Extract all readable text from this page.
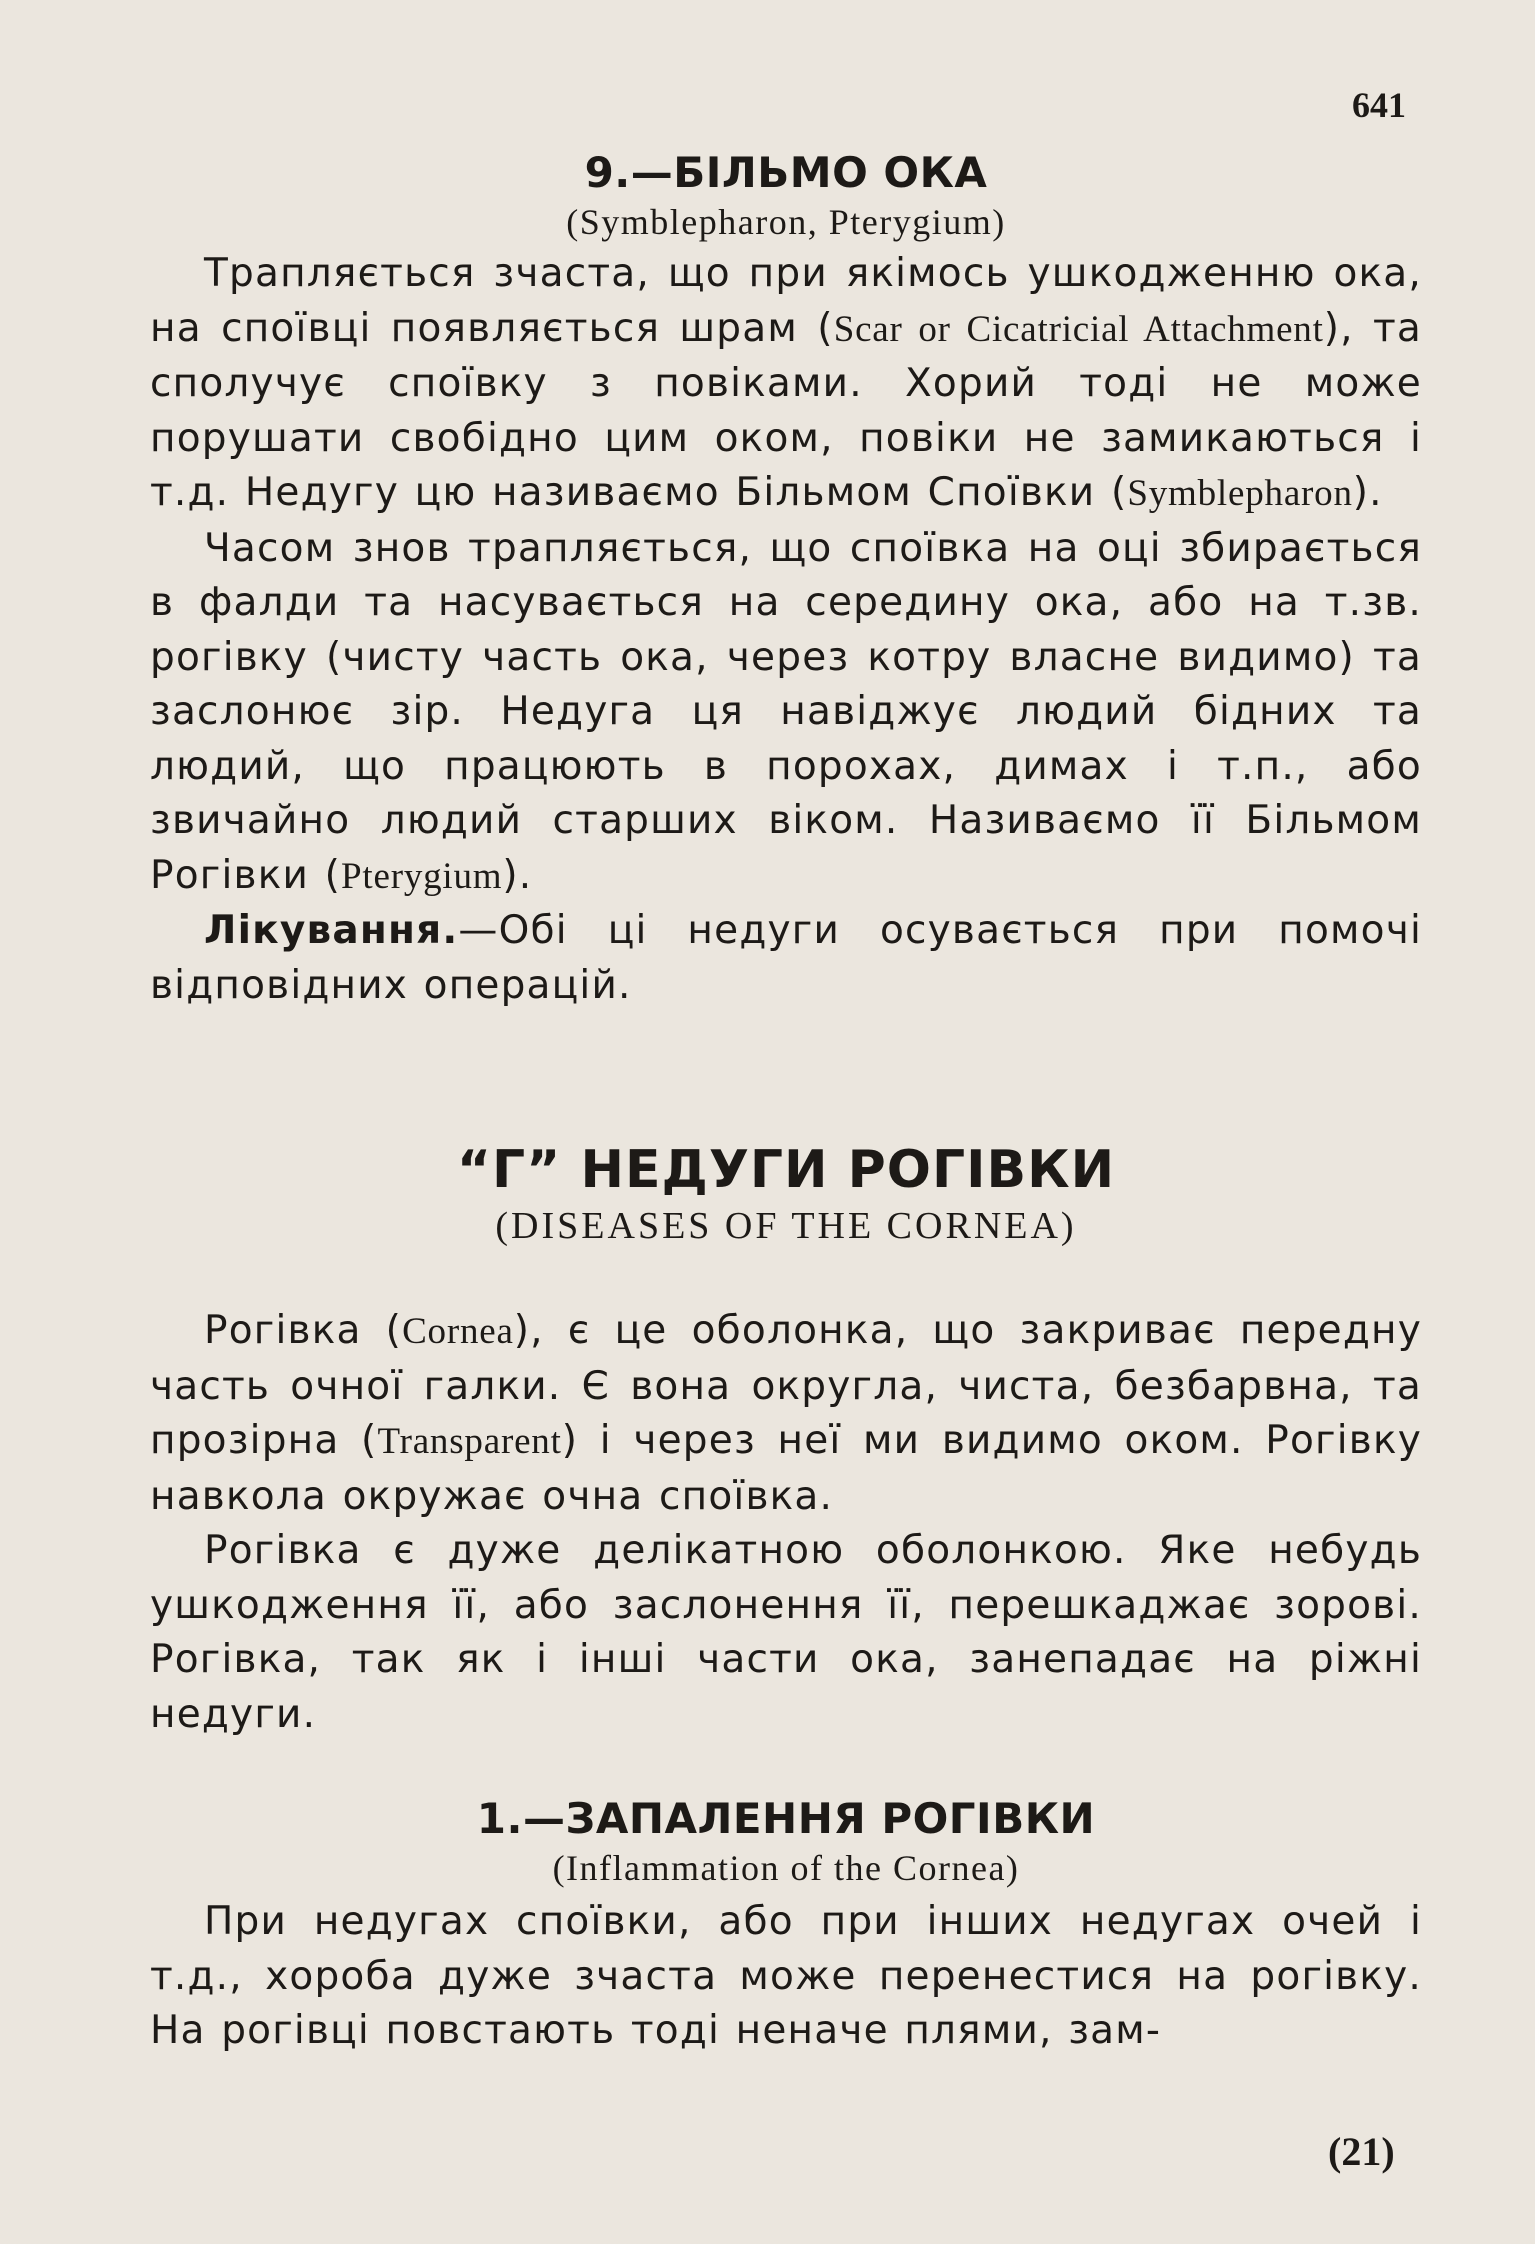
641
9.—БІЛЬМО ОКА
(Symblepharon, Pterygium)

Трапляється зчаста, що при якімось ушкодженню ока, на споївці появляється шрам (Scar or Cicatricial Attachment), та сполучує споївку з повіками. Хорий тоді не може порушати свобідно цим оком, повіки не замикаються і т.д. Недугу цю називаємо Більмом Споївки (Symblepharon).

Часом знов трапляється, що споївка на оці збирається в фалди та насувається на середину ока, або на т.зв. рогівку (чисту часть ока, через котру власне видимо) та заслонює зір. Недуга ця навіджує людий бідних та людий, що працюють в порохах, димах і т.п., або звичайно людий старших віком. Називаємо її Більмом Рогівки (Pterygium).

Лікування.—Обі ці недуги осувається при помочі відповідних операцій.

“Г” НЕДУГИ РОГІВКИ
(DISEASES OF THE CORNEA)

Рогівка (Cornea), є це оболонка, що закриває передну часть очної галки. Є вона округла, чиста, безбарвна, та прозірна (Transparent) і через неї ми видимо оком. Рогівку навкола окружає очна споївка.

Рогівка є дуже делікатною оболонкою. Яке небудь ушкодження її, або заслонення її, перешкаджає зорові. Рогівка, так як і інші части ока, занепадає на ріжні недуги.

1.—ЗАПАЛЕННЯ РОГІВКИ
(Inflammation of the Cornea)

При недугах споївки, або при інших недугах очей і т.д., хороба дуже зчаста може перенестися на рогівку. На рогівці повстають тоді неначе плями, зам-

(21)
